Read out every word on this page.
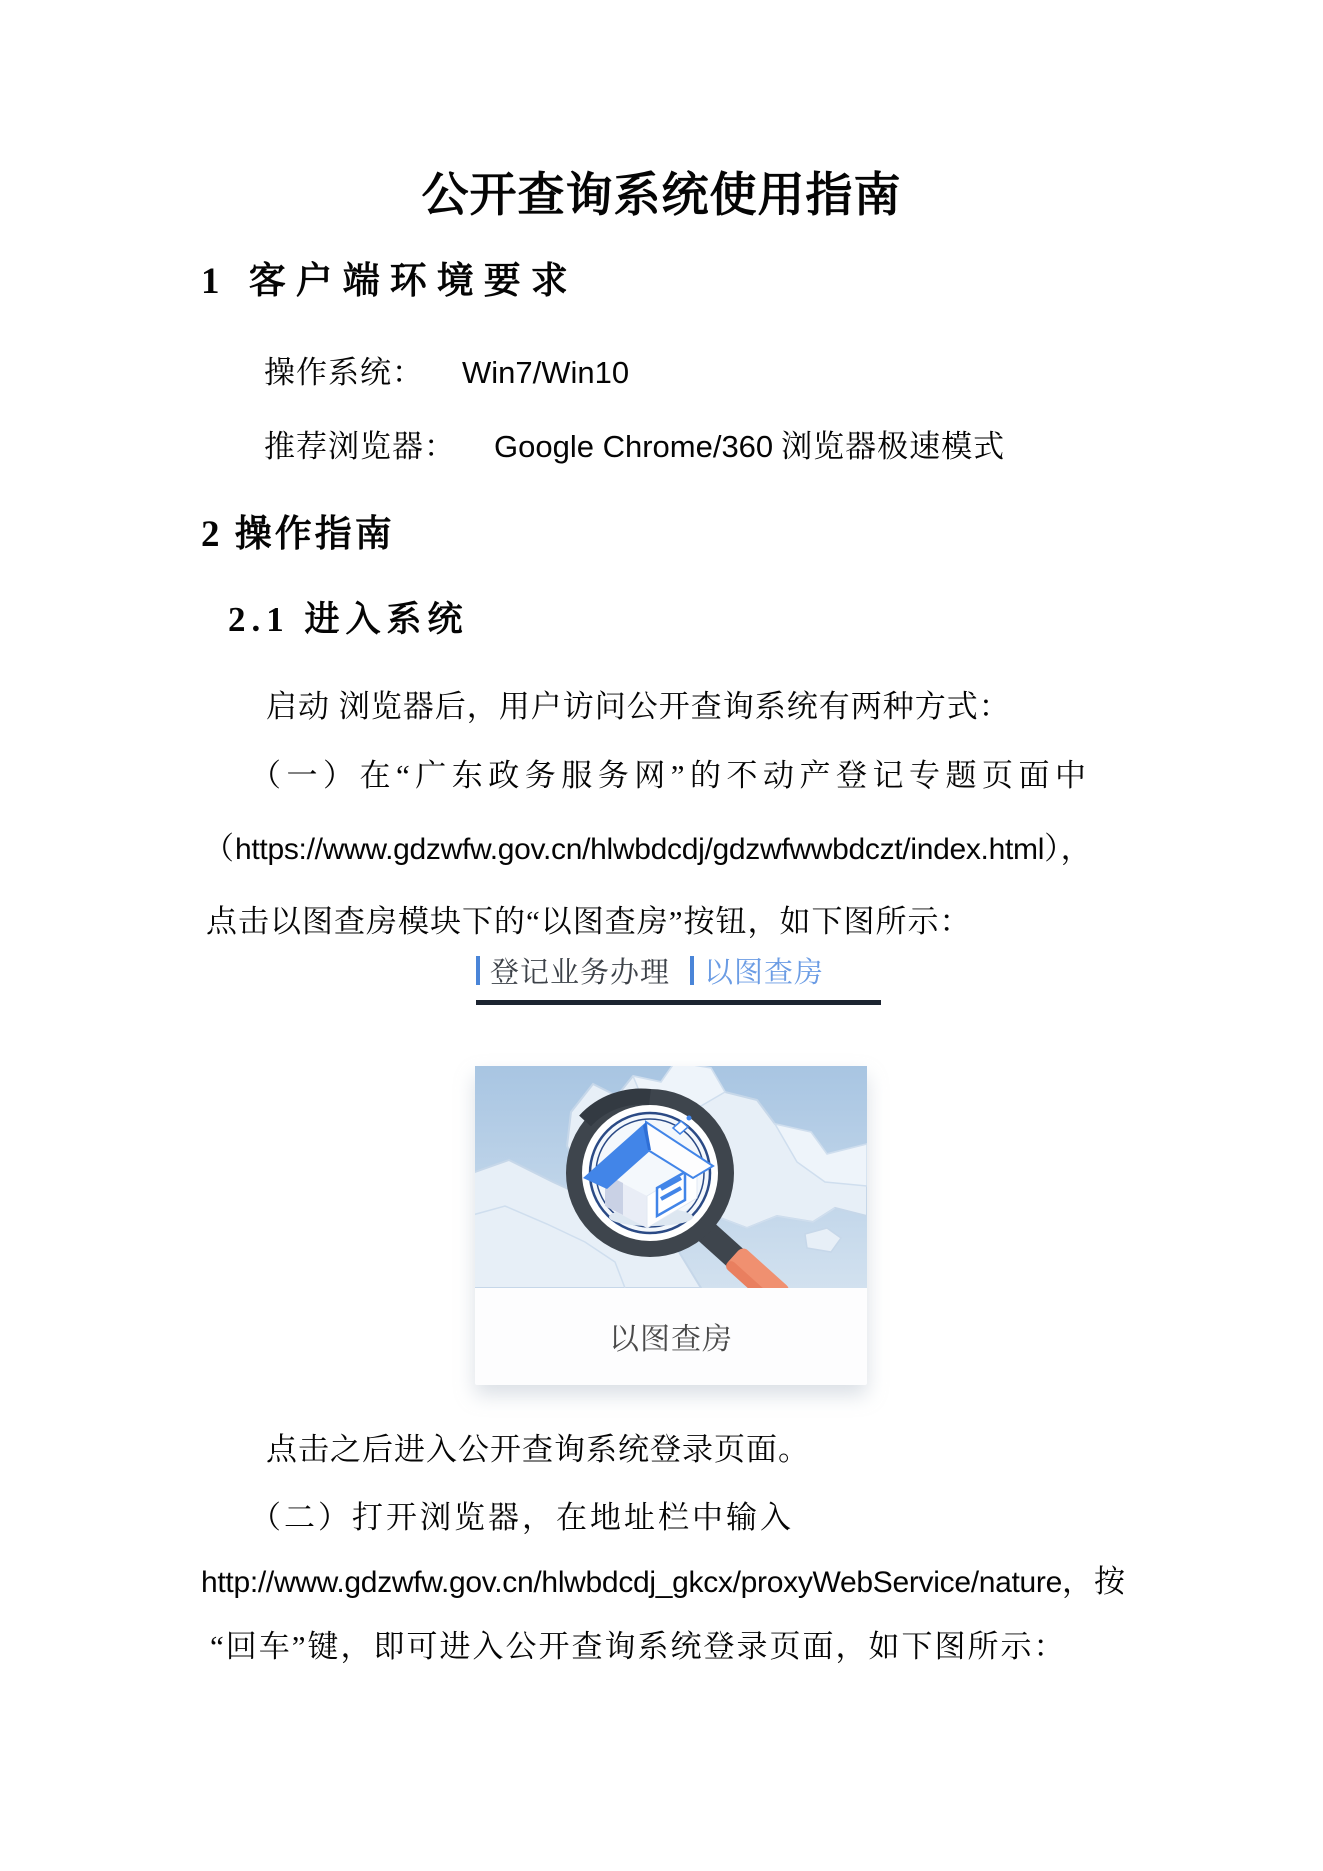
公开查询系统使用指南
1 客户端环境要求
操作系统： Win7/Win10
推荐浏览器： Google Chrome/360 浏览器极速模式
2 操作指南
2.1 进入系统
启动 浏览器后，用户访问公开查询系统有两种方式：
（一）在“广东政务服务网”的不动产登记专题页面中
（https://www.gdzwfw.gov.cn/hlwbdcdj/gdzwfwwbdczt/index.html），
点击以图查房模块下的“以图查房”按钮，如下图所示：
登记业务办理 以图查房
以图查房
点击之后进入公开查询系统登录页面。
（二）打开浏览器，在地址栏中输入
http://www.gdzwfw.gov.cn/hlwbdcdj_gkcx/proxyWebService/nature，按
“回车”键，即可进入公开查询系统登录页面，如下图所示：
